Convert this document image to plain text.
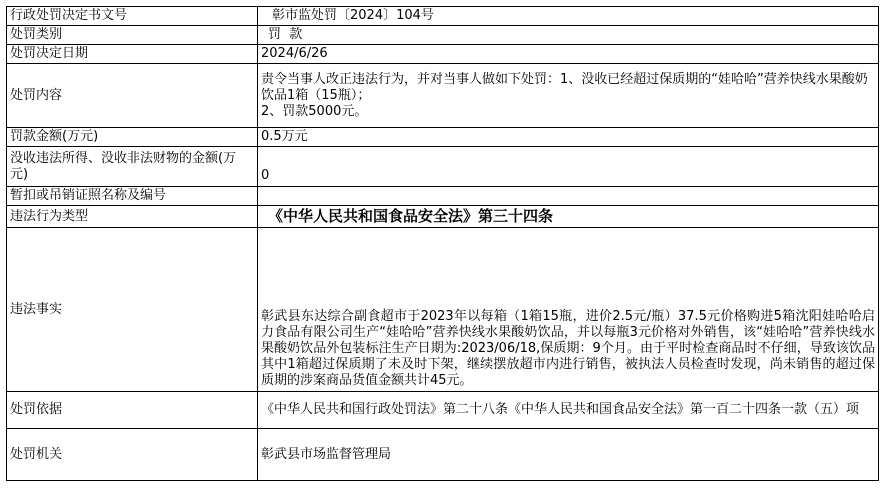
行政处罚决定书文号	彰市监处罚〔2024〕104号
处罚类别	罚  款
处罚决定日期	2024/6/26
处罚内容	责令当事人改正违法行为，并对当事人做如下处罚：1、没收已经超过保质期的“娃哈哈”营养快线水果酸奶饮品1箱（15瓶）；
2、罚款5000元。

罚款金额(万元)	0.5万元
没收违法所得、没收非法财物的金额(万元)	0
暂扣或吊销证照名称及编号	
违法行为类型	《中华人民共和国食品安全法》第三十四条
违法事实	彰武县东达综合副食超市于2023年以每箱（1箱15瓶，进价2.5元/瓶）37.5元价格购进5箱沈阳娃哈哈启力食品有限公司生产“娃哈哈”营养快线水果酸奶饮品，并以每瓶3元价格对外销售，该“娃哈哈”营养快线水果酸奶饮品外包装标注生产日期为:2023/06/18,保质期：9个月。由于平时检查商品时不仔细，导致该饮品其中1箱超过保质期了未及时下架，继续摆放超市内进行销售，被执法人员检查时发现，尚未销售的超过保质期的涉案商品货值金额共计45元。

处罚依据	《中华人民共和国行政处罚法》第二十八条《中华人民共和国食品安全法》第一百二十四条一款（五）项

处罚机关	彰武县市场监督管理局
